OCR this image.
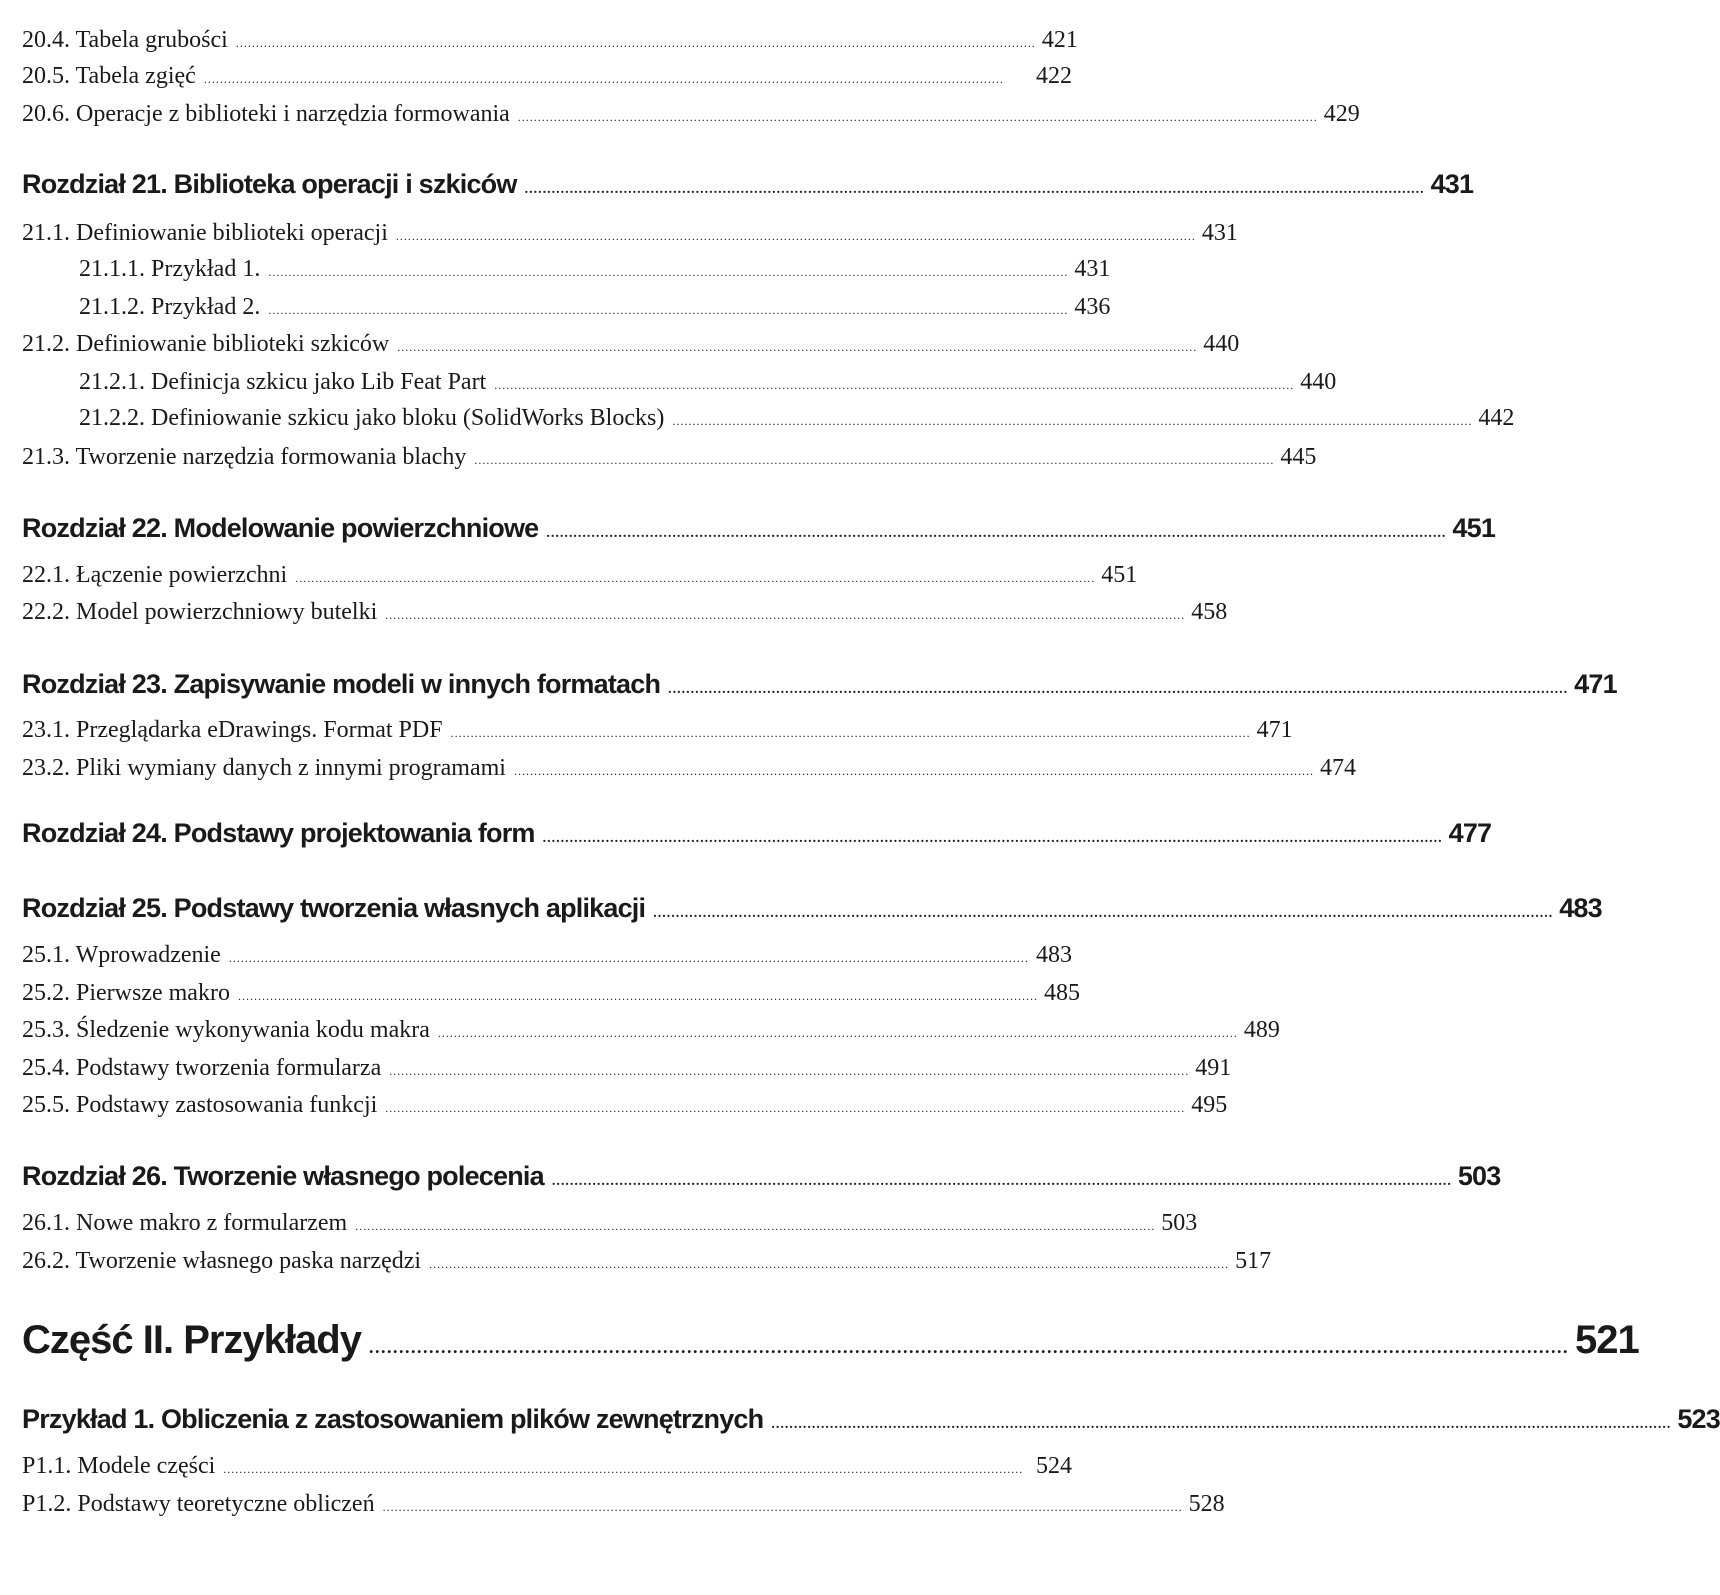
20.4. Tabela grubości ........................................................................................................................................................................................................ 421
20.5. Tabela zgięć ........................................................................................................................................................................................................	422
20.6. Operacje z biblioteki i narzędzia formowania ........................................................................................................................................................................................................ 429
Rozdział 21. Biblioteka operacji i szkiców ........................................................................................................................................................................................................ 431
21.1. Definiowanie biblioteki operacji ........................................................................................................................................................................................................ 431
21.1.1. Przykład 1. ........................................................................................................................................................................................................ 431
21.1.2. Przykład 2. ........................................................................................................................................................................................................ 436
21.2. Definiowanie biblioteki szkiców ........................................................................................................................................................................................................ 440
21.2.1. Definicja szkicu jako Lib Feat Part ........................................................................................................................................................................................................ 440
21.2.2. Definiowanie szkicu jako bloku (SolidWorks Blocks) ........................................................................................................................................................................................................ 442
21.3. Tworzenie narzędzia formowania blachy ........................................................................................................................................................................................................ 445
Rozdział 22. Modelowanie powierzchniowe ........................................................................................................................................................................................................ 451
22.1. Łączenie powierzchni ........................................................................................................................................................................................................ 451
22.2. Model powierzchniowy butelki ........................................................................................................................................................................................................ 458
Rozdział 23. Zapisywanie modeli w innych formatach ........................................................................................................................................................................................................ 471
23.1. Przeglądarka eDrawings. Format PDF ........................................................................................................................................................................................................ 471
23.2. Pliki wymiany danych z innymi programami ........................................................................................................................................................................................................ 474
Rozdział 24. Podstawy projektowania form ........................................................................................................................................................................................................ 477
Rozdział 25. Podstawy tworzenia własnych aplikacji ........................................................................................................................................................................................................ 483
25.1. Wprowadzenie ........................................................................................................................................................................................................ 483
25.2. Pierwsze makro ........................................................................................................................................................................................................ 485
25.3. Śledzenie wykonywania kodu makra ........................................................................................................................................................................................................ 489
25.4. Podstawy tworzenia formularza ........................................................................................................................................................................................................ 491
25.5. Podstawy zastosowania funkcji ........................................................................................................................................................................................................ 495
Rozdział 26. Tworzenie własnego polecenia ........................................................................................................................................................................................................ 503
26.1. Nowe makro z formularzem ........................................................................................................................................................................................................ 503
26.2. Tworzenie własnego paska narzędzi ........................................................................................................................................................................................................ 517
Część II. Przykłady ........................................................................................................................................................................................................ 521
Przykład 1. Obliczenia z zastosowaniem plików zewnętrznych ........................................................................................................................................................................................................ 523
P1.1. Modele części ........................................................................................................................................................................................................ 524
P1.2. Podstawy teoretyczne obliczeń ........................................................................................................................................................................................................ 528
